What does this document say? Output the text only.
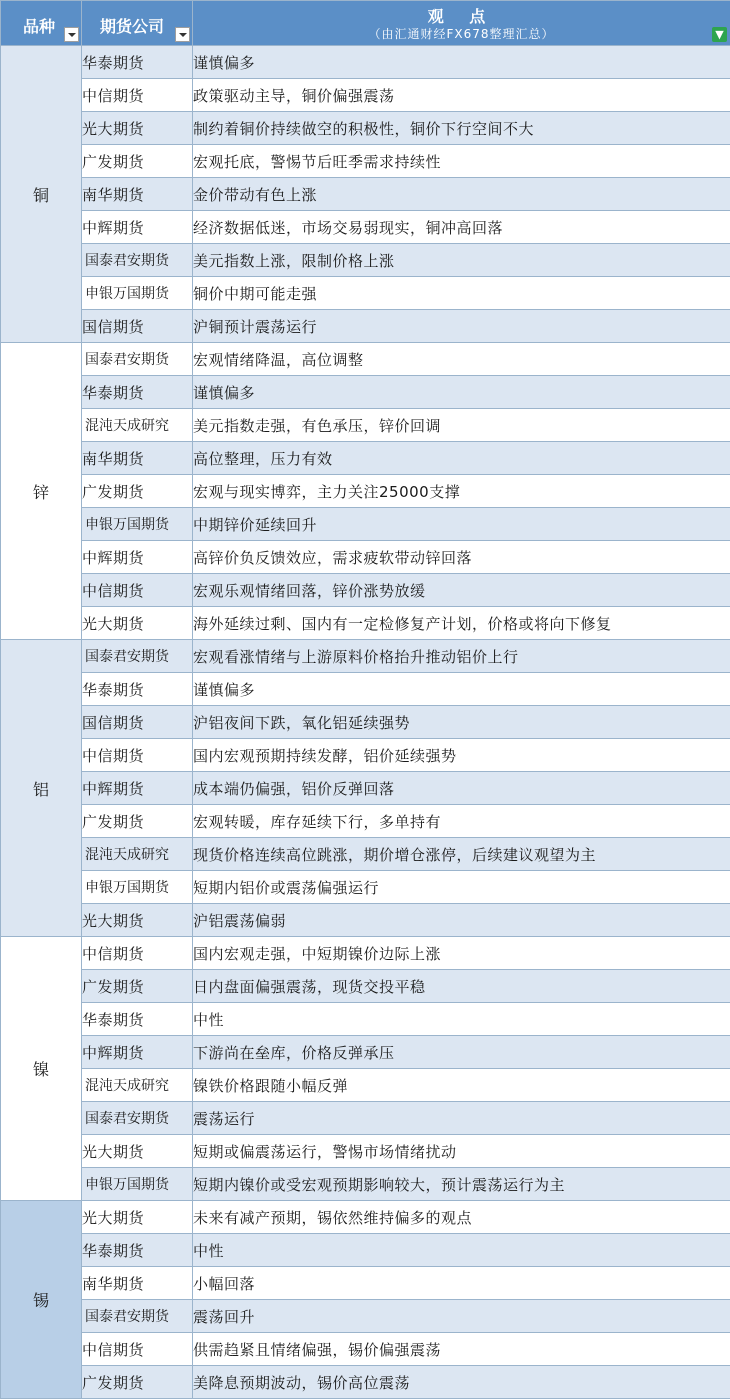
品种	期货公司	观 点
（由汇通财经FX678整理汇总） ▼

铜	华泰期货	谨慎偏多
	中信期货	政策驱动主导，铜价偏强震荡
	光大期货	制约着铜价持续做空的积极性，铜价下行空间不大
	广发期货	宏观托底，警惕节后旺季需求持续性
	南华期货	金价带动有色上涨
	中辉期货	经济数据低迷，市场交易弱现实，铜冲高回落
	国泰君安期货	美元指数上涨，限制价格上涨
	申银万国期货	铜价中期可能走强
	国信期货	沪铜预计震荡运行
锌	国泰君安期货	宏观情绪降温，高位调整
	华泰期货	谨慎偏多
	混沌天成研究	美元指数走强，有色承压，锌价回调
	南华期货	高位整理，压力有效
	广发期货	宏观与现实博弈，主力关注25000支撑
	申银万国期货	中期锌价延续回升
	中辉期货	高锌价负反馈效应，需求疲软带动锌回落
	中信期货	宏观乐观情绪回落，锌价涨势放缓
	光大期货	海外延续过剩、国内有一定检修复产计划，价格或将向下修复
铝	国泰君安期货	宏观看涨情绪与上游原料价格抬升推动铝价上行
	华泰期货	谨慎偏多
	国信期货	沪铝夜间下跌，氧化铝延续强势
	中信期货	国内宏观预期持续发酵，铝价延续强势
	中辉期货	成本端仍偏强，铝价反弹回落
	广发期货	宏观转暖，库存延续下行，多单持有
	混沌天成研究	现货价格连续高位跳涨，期价增仓涨停，后续建议观望为主
	申银万国期货	短期内铝价或震荡偏强运行
	光大期货	沪铝震荡偏弱
镍	中信期货	国内宏观走强，中短期镍价边际上涨
	广发期货	日内盘面偏强震荡，现货交投平稳
	华泰期货	中性
	中辉期货	下游尚在垒库，价格反弹承压
	混沌天成研究	镍铁价格跟随小幅反弹
	国泰君安期货	震荡运行
	光大期货	短期或偏震荡运行，警惕市场情绪扰动
	申银万国期货	短期内镍价或受宏观预期影响较大，预计震荡运行为主
锡	光大期货	未来有减产预期，锡依然维持偏多的观点
	华泰期货	中性
	南华期货	小幅回落
	国泰君安期货	震荡回升
	中信期货	供需趋紧且情绪偏强，锡价偏强震荡
	广发期货	美降息预期波动，锡价高位震荡
